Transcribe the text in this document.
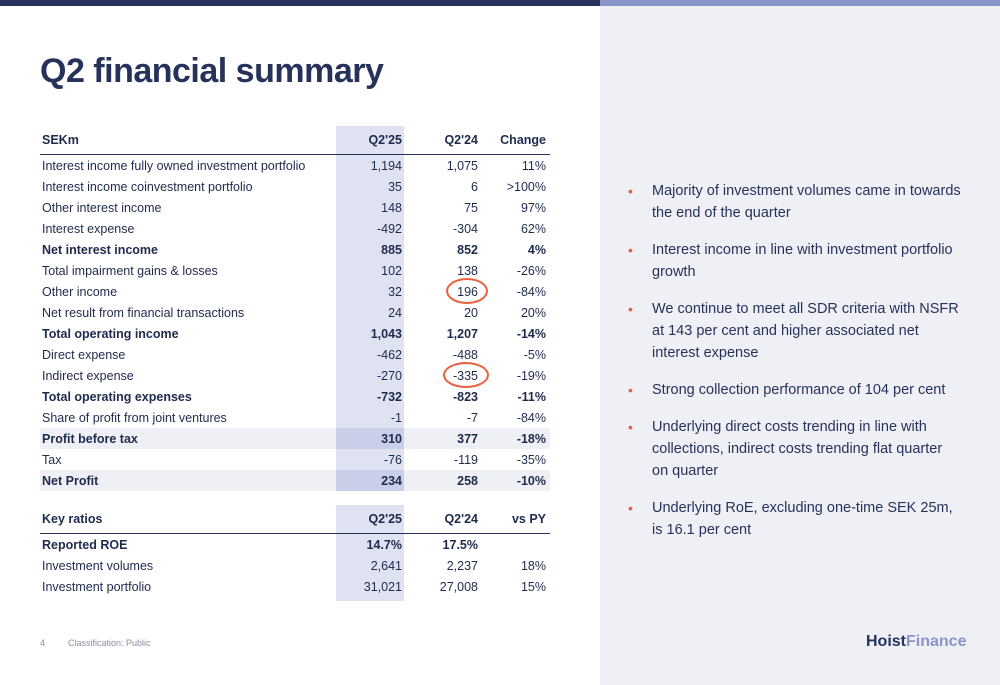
Q2 financial summary
SEKm	Q2'25	Q2'24	Change
Interest income fully owned investment portfolio	1,194	1,075	11%
Interest income coinvestment portfolio	35	6	>100%
Other interest income	148	75	97%
Interest expense	-492	-304	62%
Net interest income	885	852	4%
Total impairment gains & losses	102	138	-26%
Other income	32	196	-84%
Net result from financial transactions	24	20	20%
Total operating income	1,043	1,207	-14%
Direct expense	-462	-488	-5%
Indirect expense	-270	-335	-19%
Total operating expenses	-732	-823	-11%
Share of profit from joint ventures	-1	-7	-84%
Profit before tax	310	377	-18%
Tax	-76	-119	-35%
Net Profit	234	258	-10%
Key ratios	Q2'25	Q2'24	vs PY
Reported ROE	14.7%	17.5%
Investment volumes	2,641	2,237	18%
Investment portfolio	31,021	27,008	15%
• Majority of investment volumes came in towards the end of the quarter
• Interest income in line with investment portfolio growth
• We continue to meet all SDR criteria with NSFR at 143 per cent and higher associated net interest expense
• Strong collection performance of 104 per cent
• Underlying direct costs trending in line with collections, indirect costs trending flat quarter on quarter
• Underlying RoE, excluding one-time SEK 25m, is 16.1 per cent
4	Classification: Public	HoistFinance
